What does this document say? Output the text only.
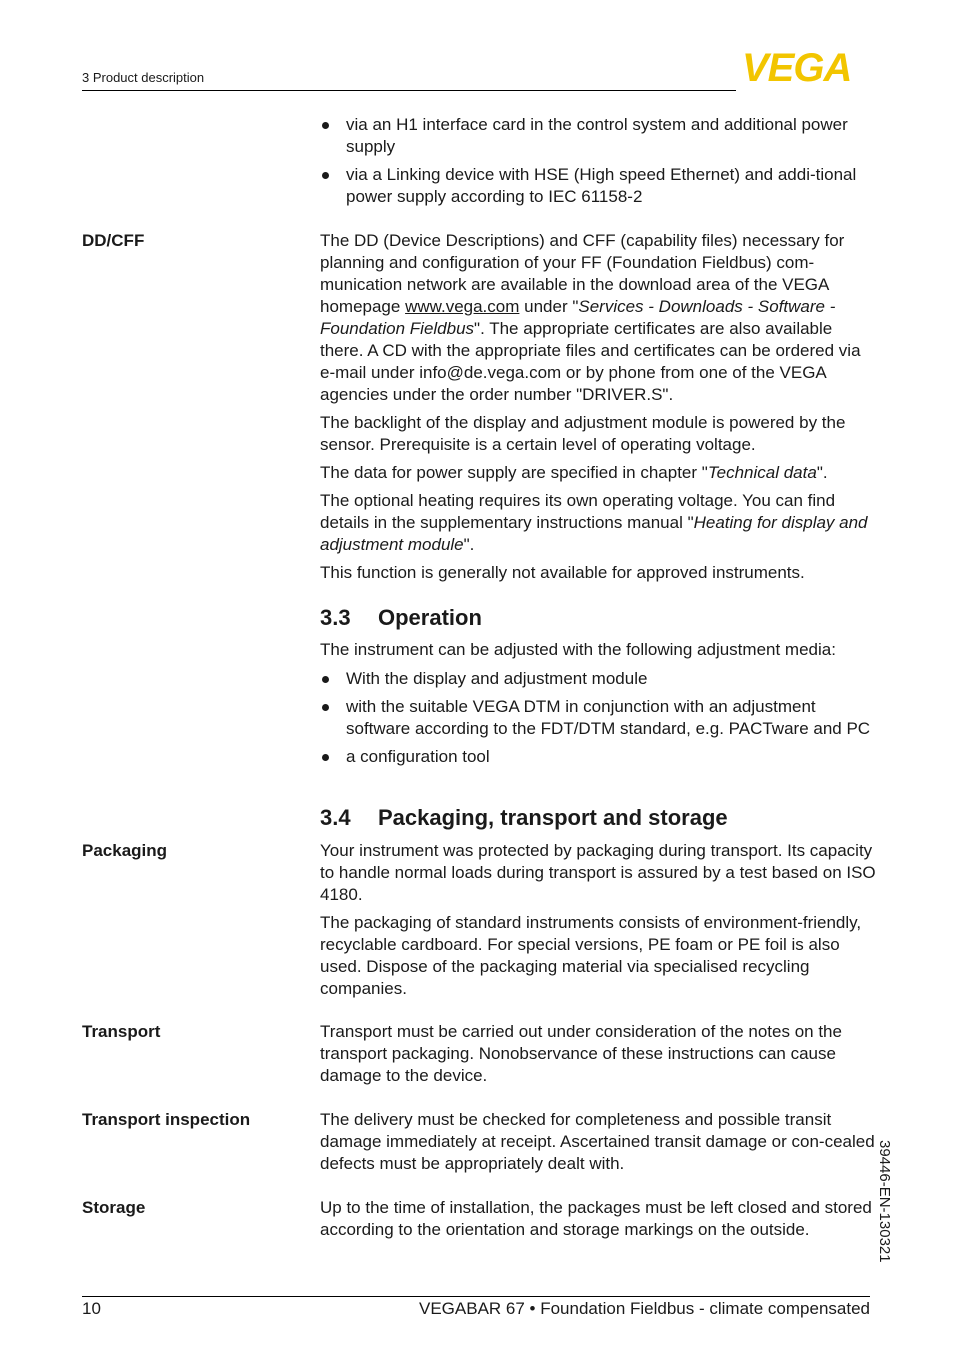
3 Product description	VEGA

via an H1 interface card in the control system and additional power supply

via a Linking device with HSE (High speed Ethernet) and addi-tional power supply according to IEC 61158-2

DD/CFF	The DD (Device Descriptions) and CFF (capability files) necessary for planning and configuration of your FF (Foundation Fieldbus) com-munication network are available in the download area of the VEGA homepage www.vega.com under "Services - Downloads - Software - Foundation Fieldbus". The appropriate certificates are also available there. A CD with the appropriate files and certificates can be ordered via e-mail under info@de.vega.com or by phone from one of the VEGA agencies under the order number "DRIVER.S".

The backlight of the display and adjustment module is powered by the sensor. Prerequisite is a certain level of operating voltage.

The data for power supply are specified in chapter "Technical data".

The optional heating requires its own operating voltage. You can find details in the supplementary instructions manual "Heating for display and adjustment module".

This function is generally not available for approved instruments.

3.3 Operation

The instrument can be adjusted with the following adjustment media:

With the display and adjustment module

with the suitable VEGA DTM in conjunction with an adjustment software according to the FDT/DTM standard, e.g. PACTware and PC

a configuration tool

3.4 Packaging, transport and storage
Packaging	Your instrument was protected by packaging during transport. Its capacity to handle normal loads during transport is assured by a test based on ISO 4180.

The packaging of standard instruments consists of environment-friendly, recyclable cardboard. For special versions, PE foam or PE foil is also used. Dispose of the packaging material via specialised recycling companies.

Transport	Transport must be carried out under consideration of the notes on the transport packaging. Nonobservance of these instructions can cause damage to the device.

Transport inspection	The delivery must be checked for completeness and possible transit damage immediately at receipt. Ascertained transit damage or con-cealed defects must be appropriately dealt with.

Storage	Up to the time of installation, the packages must be left closed and stored according to the orientation and storage markings on the outside.	39446-EN-130321
10	VEGABAR 67 • Foundation Fieldbus - climate compensated
